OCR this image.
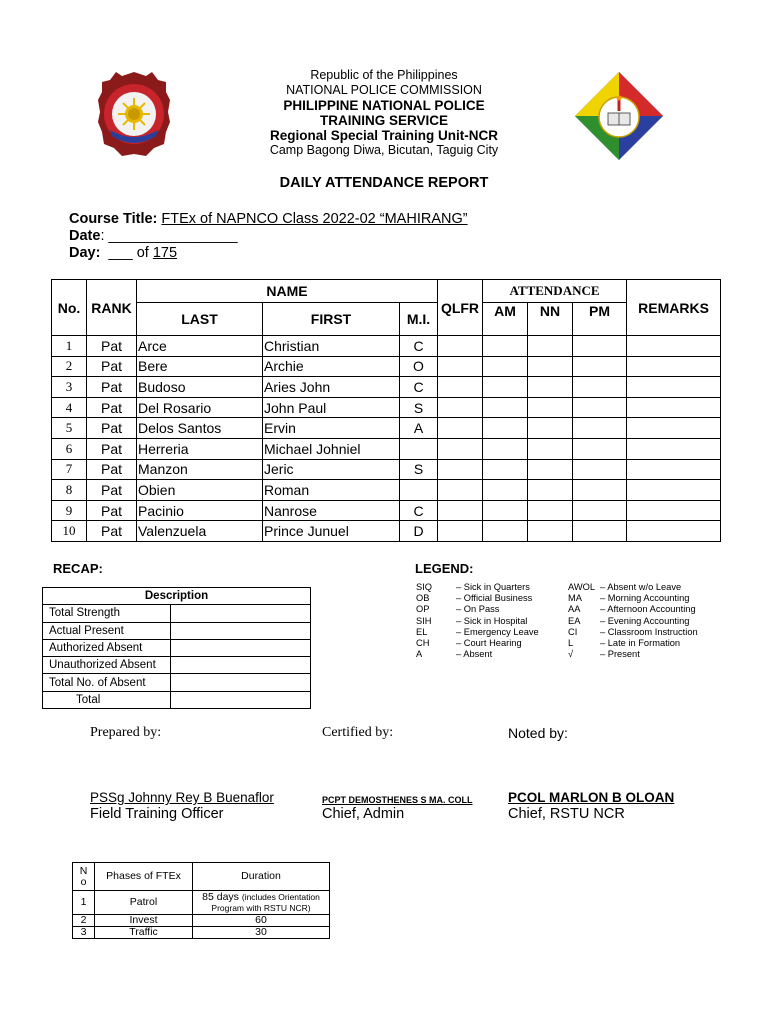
Republic of the Philippines
NATIONAL POLICE COMMISSION
PHILIPPINE NATIONAL POLICE
TRAINING SERVICE
Regional Special Training Unit-NCR
Camp Bagong Diwa, Bicutan, Taguig City
DAILY ATTENDANCE REPORT
Course Title: FTEx of NAPNCO Class 2022-02 “MAHIRANG”
Date: ________________
Day: ___ of 175
No.	RANK	NAME			QLFR	ATTENDANCE			REMARKS
		LAST	FIRST	M.I.		AM	NN	PM	
1	Pat	Arce	Christian	C					
2	Pat	Bere	Archie	O					
3	Pat	Budoso	Aries John	C					
4	Pat	Del Rosario	John Paul	S					
5	Pat	Delos Santos	Ervin	A					
6	Pat	Herreria	Michael Johniel						
7	Pat	Manzon	Jeric	S					
8	Pat	Obien	Roman						
9	Pat	Pacinio	Nanrose	C					
10	Pat	Valenzuela	Prince Junuel	D					
RECAP:
Description	
Total Strength	
Actual Present	
Authorized Absent	
Unauthorized Absent	
Total No. of Absent	
Total	
LEGEND:
SIQ	– Sick in Quarters	AWOL – Absent w/o Leave
OB	– Official Business	MA	– Morning Accounting
OP	– On Pass	AA	– Afternoon Accounting
SIH	– Sick in Hospital	EA	– Evening Accounting
EL	– Emergency Leave	CI	– Classroom Instruction
CH	– Court Hearing	L	– Late in Formation
A	– Absent	√	– Present
Prepared by:	Certified by:	Noted by:
PSSg Johnny Rey B Buenaflor
Field Training Officer
PCPT DEMOSTHENES S MA. COLL
Chief, Admin
PCOL MARLON B OLOAN
Chief, RSTU NCR
N
o	Phases of FTEx	Duration
1	Patrol	85 days (includes Orientation Program with RSTU NCR)
2	Invest	60
3	Traffic	30
